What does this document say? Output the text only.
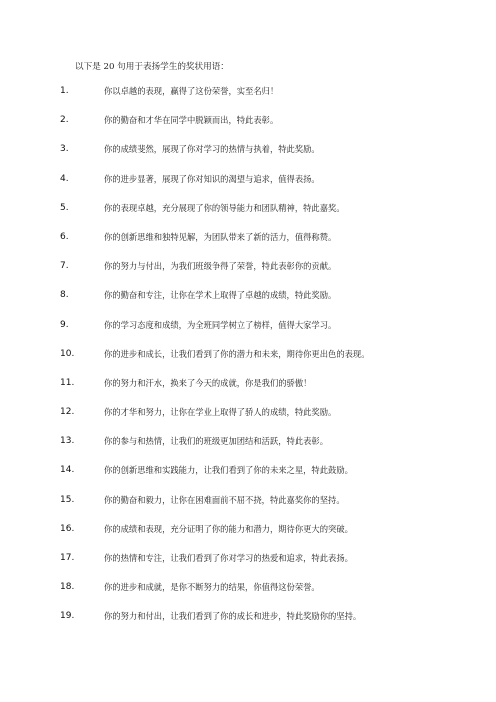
以下是 20 句用于表扬学生的奖状用语：
1.	你以卓越的表现，赢得了这份荣誉，实至名归！
2.	你的勤奋和才华在同学中脱颖而出，特此表彰。
3.	你的成绩斐然，展现了你对学习的热情与执着，特此奖励。
4.	你的进步显著，展现了你对知识的渴望与追求，值得表扬。
5.	你的表现卓越，充分展现了你的领导能力和团队精神，特此嘉奖。
6.	你的创新思维和独特见解，为团队带来了新的活力，值得称赞。
7.	你的努力与付出，为我们班级争得了荣誉，特此表彰你的贡献。
8.	你的勤奋和专注，让你在学术上取得了卓越的成绩，特此奖励。
9.	你的学习态度和成绩，为全班同学树立了榜样，值得大家学习。
10.	你的进步和成长，让我们看到了你的潜力和未来，期待你更出色的表现。
11.	你的努力和汗水，换来了今天的成就，你是我们的骄傲！
12.	你的才华和努力，让你在学业上取得了骄人的成绩，特此奖励。
13.	你的参与和热情，让我们的班级更加团结和活跃，特此表彰。
14.	你的创新思维和实践能力，让我们看到了你的未来之星，特此鼓励。
15.	你的勤奋和毅力，让你在困难面前不屈不挠，特此嘉奖你的坚持。
16.	你的成绩和表现，充分证明了你的能力和潜力，期待你更大的突破。
17.	你的热情和专注，让我们看到了你对学习的热爱和追求，特此表扬。
18.	你的进步和成就，是你不断努力的结果，你值得这份荣誉。
19.	你的努力和付出，让我们看到了你的成长和进步，特此奖励你的坚持。
